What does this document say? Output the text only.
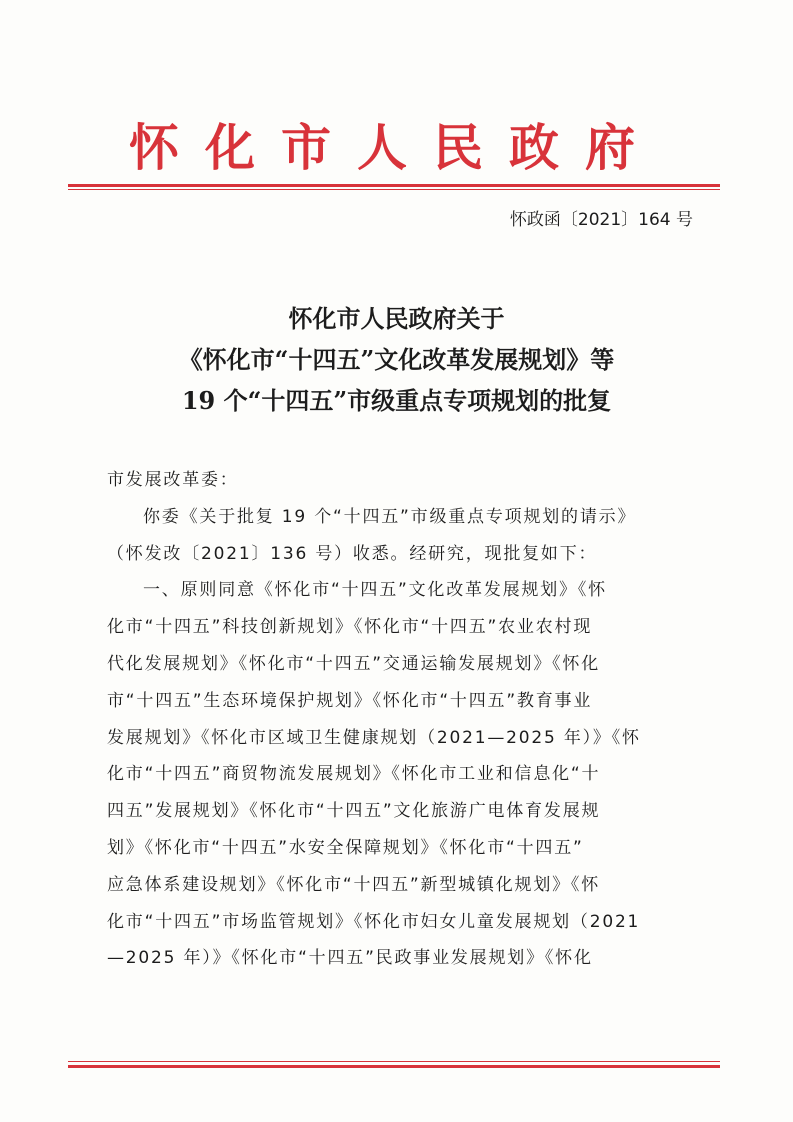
怀化市人民政府
怀政函〔2021〕164 号
怀化市人民政府关于
《怀化市“十四五”文化改革发展规划》等
19 个“十四五”市级重点专项规划的批复
市发展改革委：
你委《关于批复 19 个“十四五”市级重点专项规划的请示》
（怀发改〔2021〕136 号）收悉。经研究，现批复如下：
一、原则同意《怀化市“十四五”文化改革发展规划》《怀
化市“十四五”科技创新规划》《怀化市“十四五”农业农村现
代化发展规划》《怀化市“十四五”交通运输发展规划》《怀化
市“十四五”生态环境保护规划》《怀化市“十四五”教育事业
发展规划》《怀化市区域卫生健康规划（2021—2025 年）》《怀
化市“十四五”商贸物流发展规划》《怀化市工业和信息化“十
四五”发展规划》《怀化市“十四五”文化旅游广电体育发展规
划》《怀化市“十四五”水安全保障规划》《怀化市“十四五”
应急体系建设规划》《怀化市“十四五”新型城镇化规划》《怀
化市“十四五”市场监管规划》《怀化市妇女儿童发展规划（2021
—2025 年）》《怀化市“十四五”民政事业发展规划》《怀化
